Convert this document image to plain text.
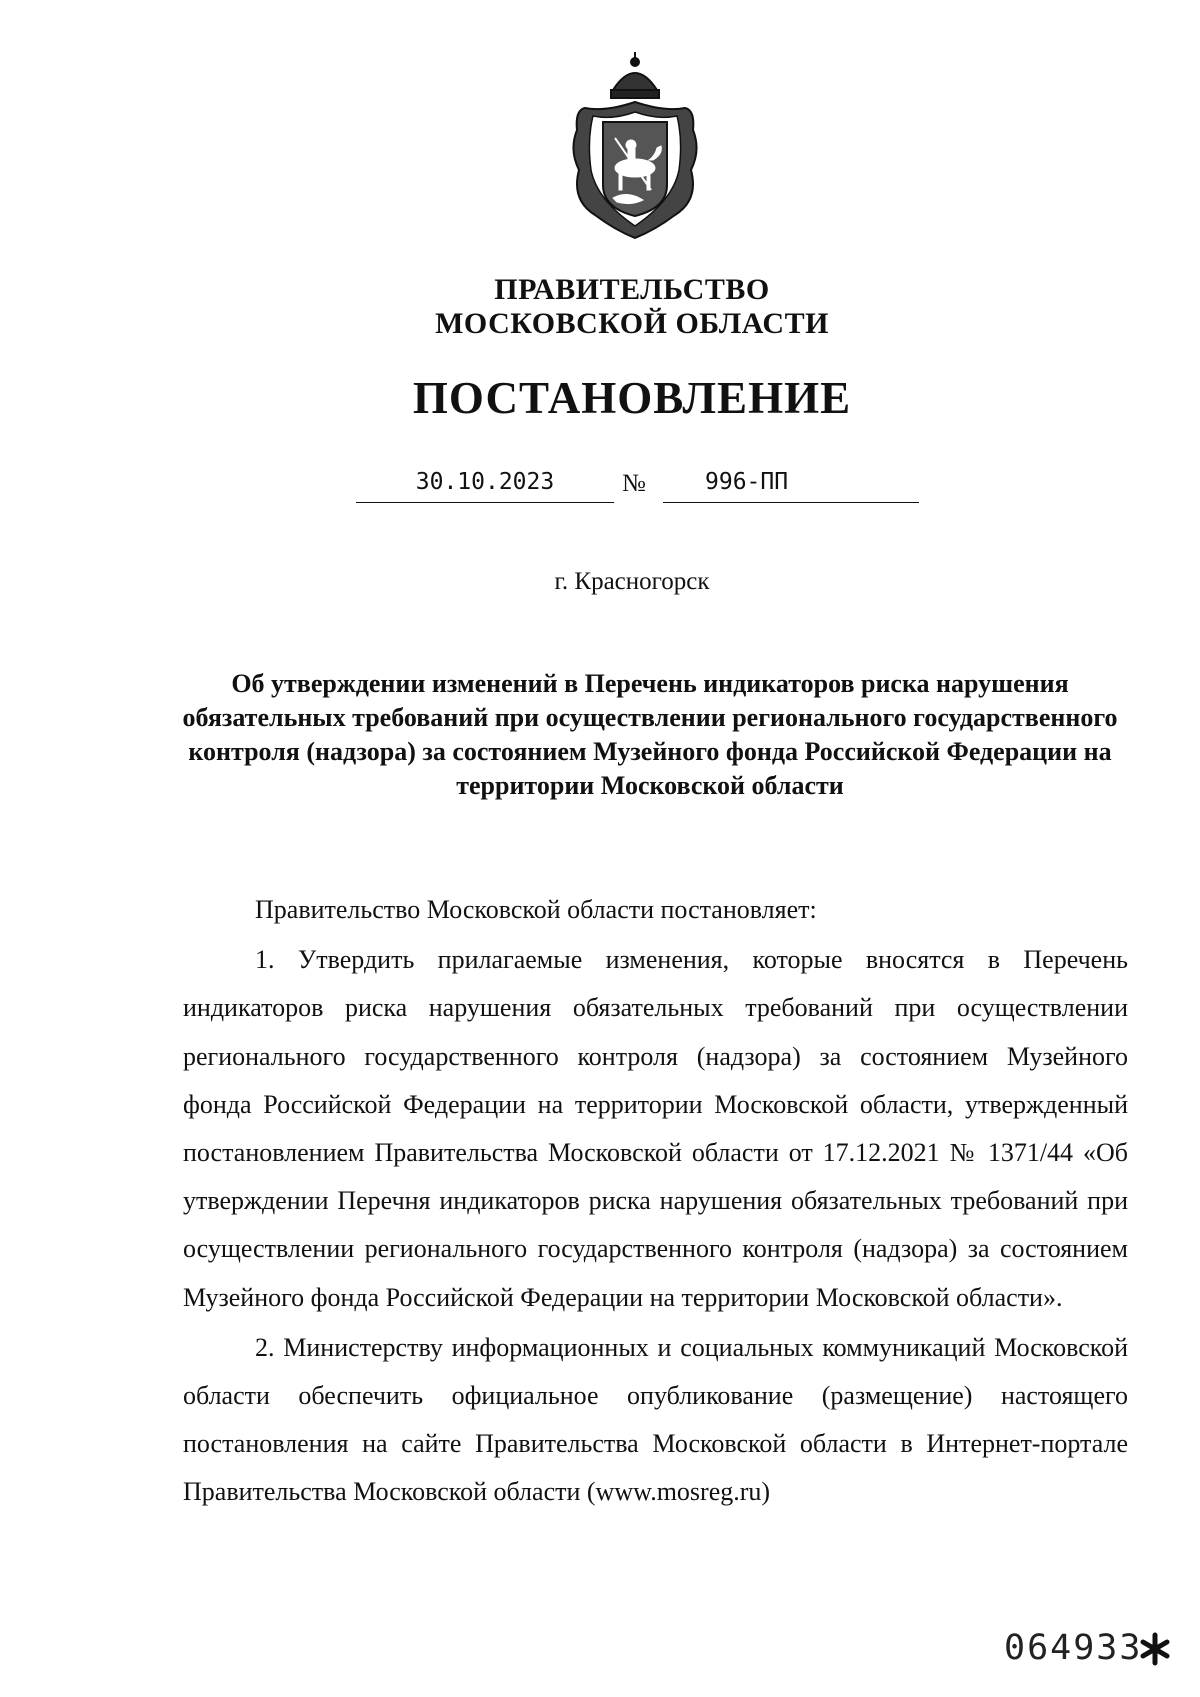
ПРАВИТЕЛЬСТВО
МОСКОВСКОЙ ОБЛАСТИ
ПОСТАНОВЛЕНИЕ
30.10.2023	№	996-ПП
г. Красногорск
Об утверждении изменений в Перечень индикаторов риска нарушения обязательных требований при осуществлении регионального государственного контроля (надзора) за состоянием Музейного фонда Российской Федерации на территории Московской области

Правительство Московской области постановляет:

1. Утвердить прилагаемые изменения, которые вносятся в Перечень индикаторов риска нарушения обязательных требований при осуществлении регионального государственного контроля (надзора) за состоянием Музейного фонда Российской Федерации на территории Московской области, утвержденный постановлением Правительства Московской области от 17.12.2021 № 1371/44 «Об утверждении Перечня индикаторов риска нарушения обязательных требований при осуществлении регионального государственного контроля (надзора) за состоянием Музейного фонда Российской Федерации на территории Московской области».

2. Министерству информационных и социальных коммуникаций Московской области обеспечить официальное опубликование (размещение) настоящего постановления на сайте Правительства Московской области в Интернет-портале Правительства Московской области (www.mosreg.ru)

064933
